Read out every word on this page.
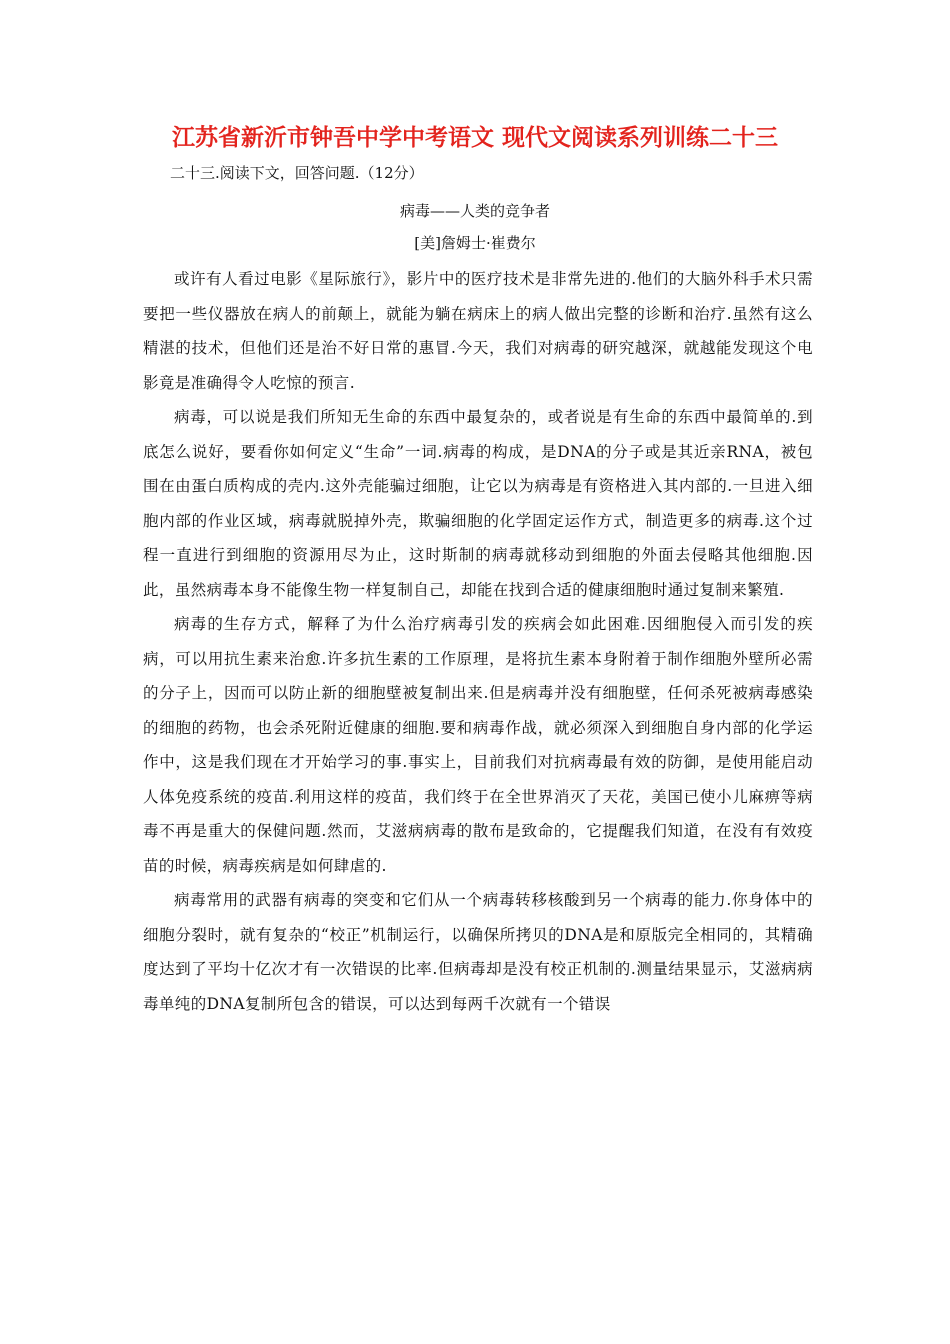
江苏省新沂市钟吾中学中考语文 现代文阅读系列训练二十三
二十三.阅读下文，回答问题.（12分）
病毒——人类的竞争者
[美]詹姆士·崔费尔

或许有人看过电影《星际旅行》，影片中的医疗技术是非常先进的.他们的大脑外科手术只需要把一些仪器放在病人的前颠上，就能为躺在病床上的病人做出完整的诊断和治疗.虽然有这么精湛的技术，但他们还是治不好日常的惠冒.今天，我们对病毒的研究越深，就越能发现这个电影竟是准确得令人吃惊的预言.

病毒，可以说是我们所知无生命的东西中最复杂的，或者说是有生命的东西中最简单的.到底怎么说好，要看你如何定义“生命”一词.病毒的构成，是DNA的分子或是其近亲RNA，被包围在由蛋白质构成的壳内.这外壳能骗过细胞，让它以为病毒是有资格进入其内部的.一旦进入细胞内部的作业区域，病毒就脱掉外壳，欺骗细胞的化学固定运作方式，制造更多的病毒.这个过程一直进行到细胞的资源用尽为止，这时斯制的病毒就移动到细胞的外面去侵略其他细胞.因此，虽然病毒本身不能像生物一样复制自己，却能在找到合适的健康细胞时通过复制来繁殖.

病毒的生存方式，解释了为什么治疗病毒引发的疾病会如此困难.因细胞侵入而引发的疾病，可以用抗生素来治愈.许多抗生素的工作原理，是将抗生素本身附着于制作细胞外壁所必需的分子上，因而可以防止新的细胞壁被复制出来.但是病毒并没有细胞壁，任何杀死被病毒感染的细胞的药物，也会杀死附近健康的细胞.要和病毒作战，就必须深入到细胞自身内部的化学运作中，这是我们现在才开始学习的事.事实上，目前我们对抗病毒最有效的防御，是使用能启动人体免疫系统的疫苗.利用这样的疫苗，我们终于在全世界消灭了天花，美国已使小儿麻痹等病毒不再是重大的保健问题.然而，艾滋病病毒的散布是致命的，它提醒我们知道，在没有有效疫苗的时候，病毒疾病是如何肆虐的.

病毒常用的武器有病毒的突变和它们从一个病毒转移核酸到另一个病毒的能力.你身体中的细胞分裂时，就有复杂的“校正”机制运行，以确保所拷贝的DNA是和原版完全相同的，其精确度达到了平均十亿次才有一次错误的比率.但病毒却是没有校正机制的.测量结果显示，艾滋病病毒单纯的DNA复制所包含的错误，可以达到每两千次就有一个错误
